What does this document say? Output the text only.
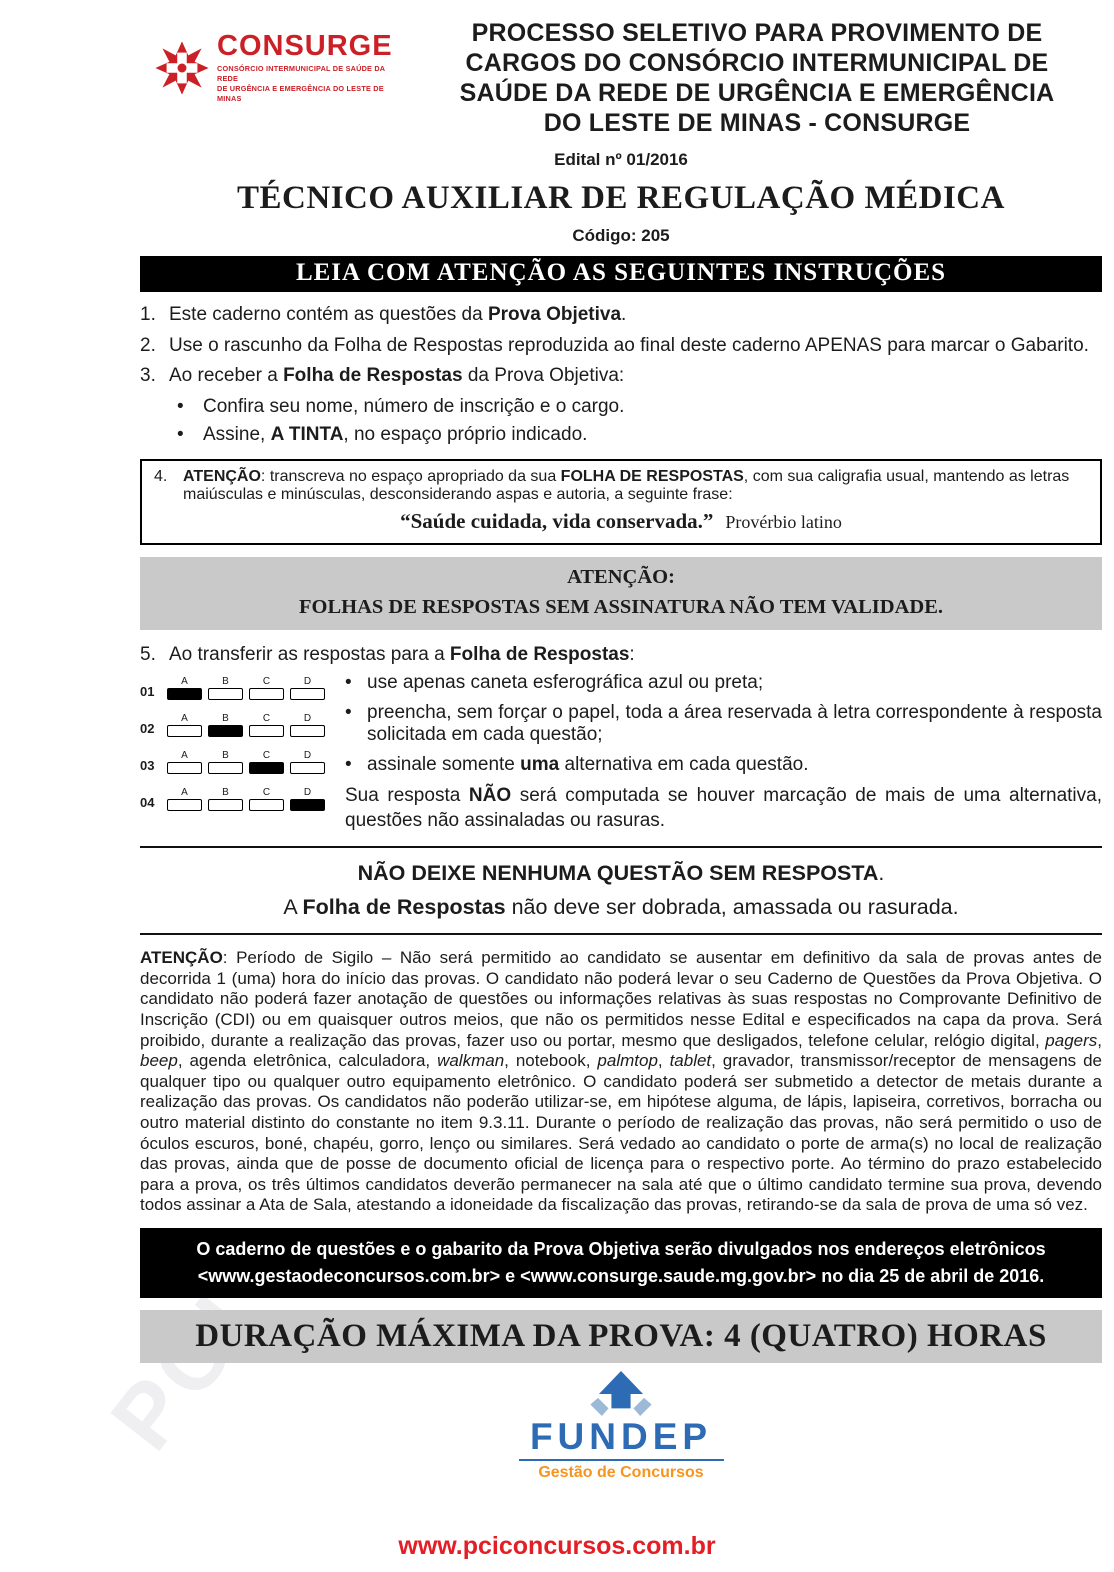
PCI
CONSURGE
CONSÓRCIO INTERMUNICIPAL DE SAÚDE DA REDE
DE URGÊNCIA E EMERGÊNCIA DO LESTE DE MINAS
PROCESSO SELETIVO PARA PROVIMENTO DE
CARGOS DO CONSÓRCIO INTERMUNICIPAL DE
SAÚDE DA REDE DE URGÊNCIA E EMERGÊNCIA
DO LESTE DE MINAS - CONSURGE
Edital nº 01/2016
TÉCNICO AUXILIAR DE REGULAÇÃO MÉDICA
Código: 205
LEIA COM ATENÇÃO AS SEGUINTES INSTRUÇÕES
1. Este caderno contém as questões da Prova Objetiva.
2. Use o rascunho da Folha de Respostas reproduzida ao final deste caderno APENAS para marcar o Gabarito.
3. Ao receber a Folha de Respostas da Prova Objetiva:
• Confira seu nome, número de inscrição e o cargo.
• Assine, A TINTA, no espaço próprio indicado.
4. ATENÇÃO: transcreva no espaço apropriado da sua FOLHA DE RESPOSTAS, com sua caligrafia usual, mantendo as letras maiúsculas e minúsculas, desconsiderando aspas e autoria, a seguinte frase:
“Saúde cuidada, vida conservada.” Provérbio latino
ATENÇÃO:
FOLHAS DE RESPOSTAS SEM ASSINATURA NÃO TEM VALIDADE.
5. Ao transferir as respostas para a Folha de Respostas:
01
A	B	C	D
02
A	B	C	D
03
A	B	C	D
04
A	B	C	D
• use apenas caneta esferográfica azul ou preta;
• preencha, sem forçar o papel, toda a área reservada à letra correspondente à resposta solicitada em cada questão;
• assinale somente uma alternativa em cada questão.
Sua resposta NÃO será computada se houver marcação de mais de uma alternativa, questões não assinaladas ou rasuras.
NÃO DEIXE NENHUMA QUESTÃO SEM RESPOSTA.
A Folha de Respostas não deve ser dobrada, amassada ou rasurada.
ATENÇÃO: Período de Sigilo – Não será permitido ao candidato se ausentar em definitivo da sala de provas antes de decorrida 1 (uma) hora do início das provas. O candidato não poderá levar o seu Caderno de Questões da Prova Objetiva. O candidato não poderá fazer anotação de questões ou informações relativas às suas respostas no Comprovante Definitivo de Inscrição (CDI) ou em quaisquer outros meios, que não os permitidos nesse Edital e especificados na capa da prova. Será proibido, durante a realização das provas, fazer uso ou portar, mesmo que desligados, telefone celular, relógio digital, pagers, beep, agenda eletrônica, calculadora, walkman, notebook, palmtop, tablet, gravador, transmissor/receptor de mensagens de qualquer tipo ou qualquer outro equipamento eletrônico. O candidato poderá ser submetido a detector de metais durante a realização das provas. Os candidatos não poderão utilizar-se, em hipótese alguma, de lápis, lapiseira, corretivos, borracha ou outro material distinto do constante no item 9.3.11. Durante o período de realização das provas, não será permitido o uso de óculos escuros, boné, chapéu, gorro, lenço ou similares. Será vedado ao candidato o porte de arma(s) no local de realização das provas, ainda que de posse de documento oficial de licença para o respectivo porte. Ao término do prazo estabelecido para a prova, os três últimos candidatos deverão permanecer na sala até que o último candidato termine sua prova, devendo todos assinar a Ata de Sala, atestando a idoneidade da fiscalização das provas, retirando-se da sala de prova de uma só vez.
O caderno de questões e o gabarito da Prova Objetiva serão divulgados nos endereços eletrônicos
<www.gestaodeconcursos.com.br> e <www.consurge.saude.mg.gov.br> no dia 25 de abril de 2016.
DURAÇÃO MÁXIMA DA PROVA: 4 (QUATRO) HORAS
FUNDEP
Gestão de Concursos
www.pciconcursos.com.br
